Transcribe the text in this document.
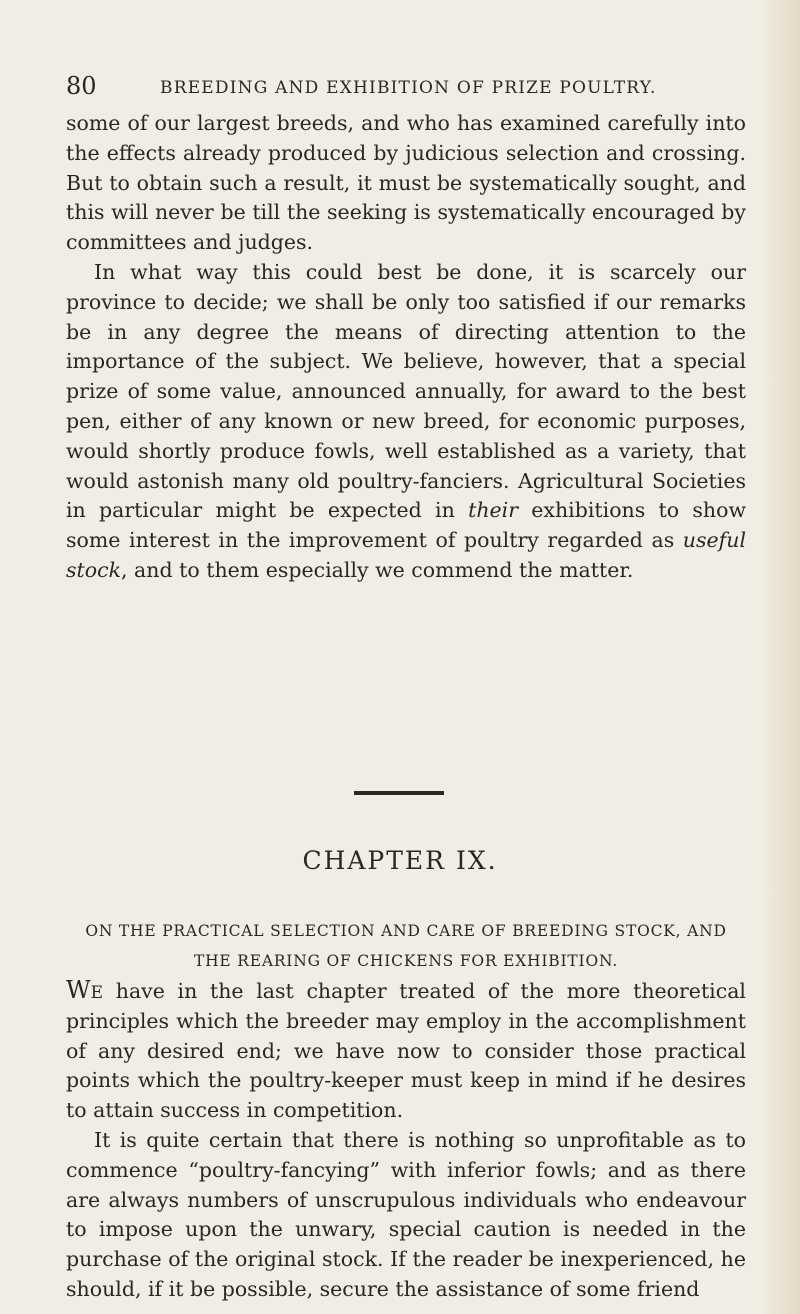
80	BREEDING AND EXHIBITION OF PRIZE POULTRY.

some of our largest breeds, and who has examined carefully into the effects already produced by judicious selection and crossing. But to obtain such a result, it must be systematically sought, and this will never be till the seeking is systematically encouraged by committees and judges.

In what way this could best be done, it is scarcely our province to decide; we shall be only too satisfied if our remarks be in any degree the means of directing attention to the importance of the subject. We believe, however, that a special prize of some value, announced annually, for award to the best pen, either of any known or new breed, for economic purposes, would shortly produce fowls, well established as a variety, that would astonish many old poultry-fanciers. Agricultural Societies in particular might be expected in their exhibitions to show some interest in the improvement of poultry regarded as useful stock, and to them especially we commend the matter.

CHAPTER IX.
ON THE PRACTICAL SELECTION AND CARE OF BREEDING STOCK, AND THE REARING OF CHICKENS FOR EXHIBITION.

We have in the last chapter treated of the more theoretical principles which the breeder may employ in the accomplishment of any desired end; we have now to consider those practical points which the poultry-keeper must keep in mind if he desires to attain success in competition.

It is quite certain that there is nothing so unprofitable as to commence “poultry-fancying” with inferior fowls; and as there are always numbers of unscrupulous individuals who endeavour to impose upon the unwary, special caution is needed in the purchase of the original stock. If the reader be inexperienced, he should, if it be possible, secure the assistance of some friend
